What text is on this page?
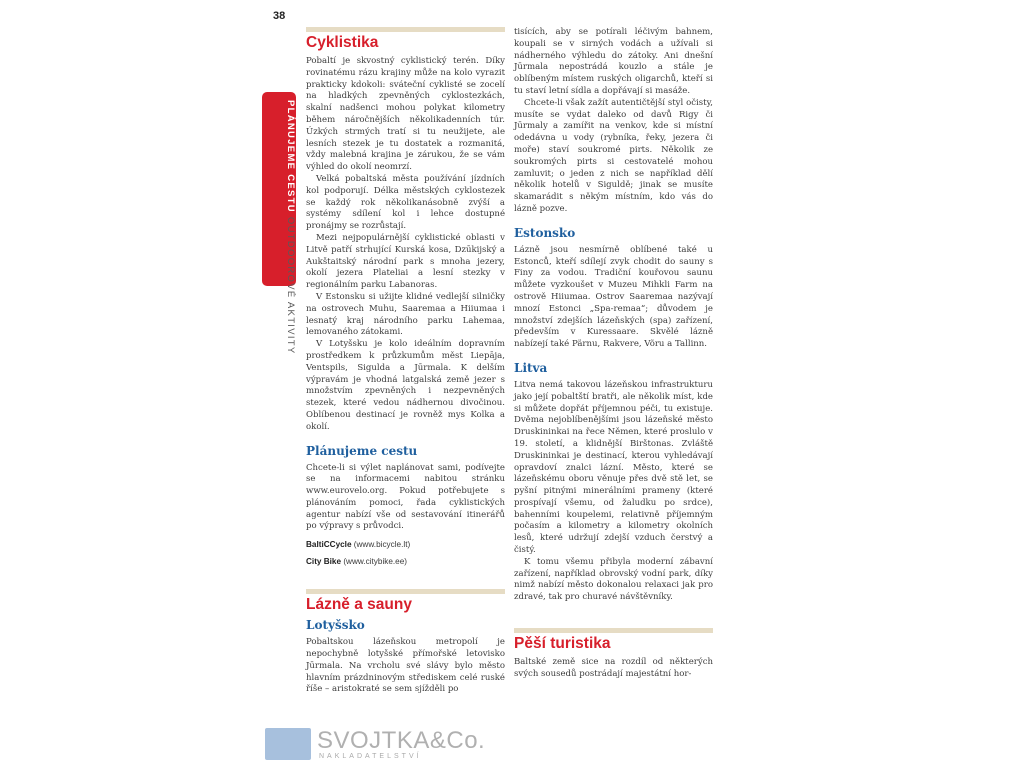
38
PLÁNUJEME CESTU OUTDOOROVÉ AKTIVITY
Cyklistika

Pobaltí je skvostný cyklistický terén. Díky rovinatému rázu krajiny může na kolo vyrazit prakticky kdokoli: sváteční cyklisté se zocelí na hladkých zpevněných cyklostezkách, skalní nadšenci mohou polykat kilometry během náročnějších několikadenních túr. Úzkých strmých tratí si tu neužijete, ale lesních stezek je tu dostatek a rozmanitá, vždy malebná krajina je zárukou, že se vám výhled do okolí neomrzí.

Velká pobaltská města používání jízdních kol podporují. Délka městských cyklostezek se každý rok několikanásobně zvýší a systémy sdílení kol i lehce dostupné pronájmy se rozrůstají.

Mezi nejpopulárnější cyklistické oblasti v Litvě patří strhující Kurská kosa, Dzūkijský a Aukštaitský národní park s mnoha jezery, okolí jezera Plateliai a lesní stezky v regionálním parku Labanoras.

V Estonsku si užijte klidné vedlejší silničky na ostrovech Muhu, Saaremaa a Hiiumaa i lesnatý kraj národního parku Lahemaa, lemovaného zátokami.

V Lotyšsku je kolo ideálním dopravním prostředkem k průzkumům měst Liepāja, Ventspils, Sigulda a Jūrmala. K delším výpravám je vhodná latgalská země jezer s množstvím zpevněných i nezpevněných stezek, které vedou nádhernou divočinou. Oblíbenou destinací je rovněž mys Kolka a okolí.

Plánujeme cestu

Chcete-li si výlet naplánovat sami, podívejte se na informacemi nabitou stránku www.eurovelo.org. Pokud potřebujete s plánováním pomoci, řada cyklistických agentur nabízí vše od sestavování itinerářů po výpravy s průvodci.

BaltiCCycle (www.bicycle.lt)

City Bike (www.citybike.ee)

Lázně a sauny
Lotyšsko

Pobaltskou lázeňskou metropolí je nepochybně lotyšské přímořské letovisko Jūrmala. Na vrcholu své slávy bylo město hlavním prázdninovým střediskem celé ruské říše – aristokraté se sem sjížděli po

tisících, aby se potírali léčivým bahnem, koupali se v sirných vodách a užívali si nádherného výhledu do zátoky. Ani dnešní Jūrmala nepostrádá kouzlo a stále je oblíbeným místem ruských oligarchů, kteří si tu staví letní sídla a dopřávají si masáže.

Chcete-li však zažít autentičtější styl očisty, musíte se vydat daleko od davů Rigy či Jūrmaly a zamířit na venkov, kde si místní odedávna u vody (rybníka, řeky, jezera či moře) staví soukromé pirts. Několik ze soukromých pirts si cestovatelé mohou zamluvit; o jeden z nich se například dělí několik hotelů v Siguldě; jinak se musíte skamarádit s někým místním, kdo vás do lázně pozve.

Estonsko

Lázně jsou nesmírně oblíbené také u Estonců, kteří sdílejí zvyk chodit do sauny s Finy za vodou. Tradiční kouřovou saunu můžete vyzkoušet v Muzeu Mihkli Farm na ostrově Hiiumaa. Ostrov Saaremaa nazývají mnozí Estonci „Spa-remaa“; důvodem je množství zdejších lázeňských (spa) zařízení, především v Kuressaare. Skvělé lázně nabízejí také Pärnu, Rakvere, Võru a Tallinn.

Litva

Litva nemá takovou lázeňskou infrastrukturu jako její pobaltští bratři, ale několik míst, kde si můžete dopřát příjemnou péči, tu existuje. Dvěma nejoblíbenějšími jsou lázeňské město Druskininkai na řece Němen, které proslulo v 19. století, a klidnější Birštonas. Zvláště Druskininkai je destinací, kterou vyhledávají opravdoví znalci lázní. Město, které se lázeňskému oboru věnuje přes dvě stě let, se pyšní pitnými minerálními prameny (které prospívají všemu, od žaludku po srdce), bahenními koupelemi, relativně příjemným počasím a kilometry a kilometry okolních lesů, které udržují zdejší vzduch čerstvý a čistý.

K tomu všemu přibyla moderní zábavní zařízení, například obrovský vodní park, díky nimž nabízí město dokonalou relaxaci jak pro zdravé, tak pro churavé návštěvníky.

Pěší turistika

Baltské země sice na rozdíl od některých svých sousedů postrádají majestátní hor-

SVOJTKA&Co.
NAKLADATELSTVÍ
